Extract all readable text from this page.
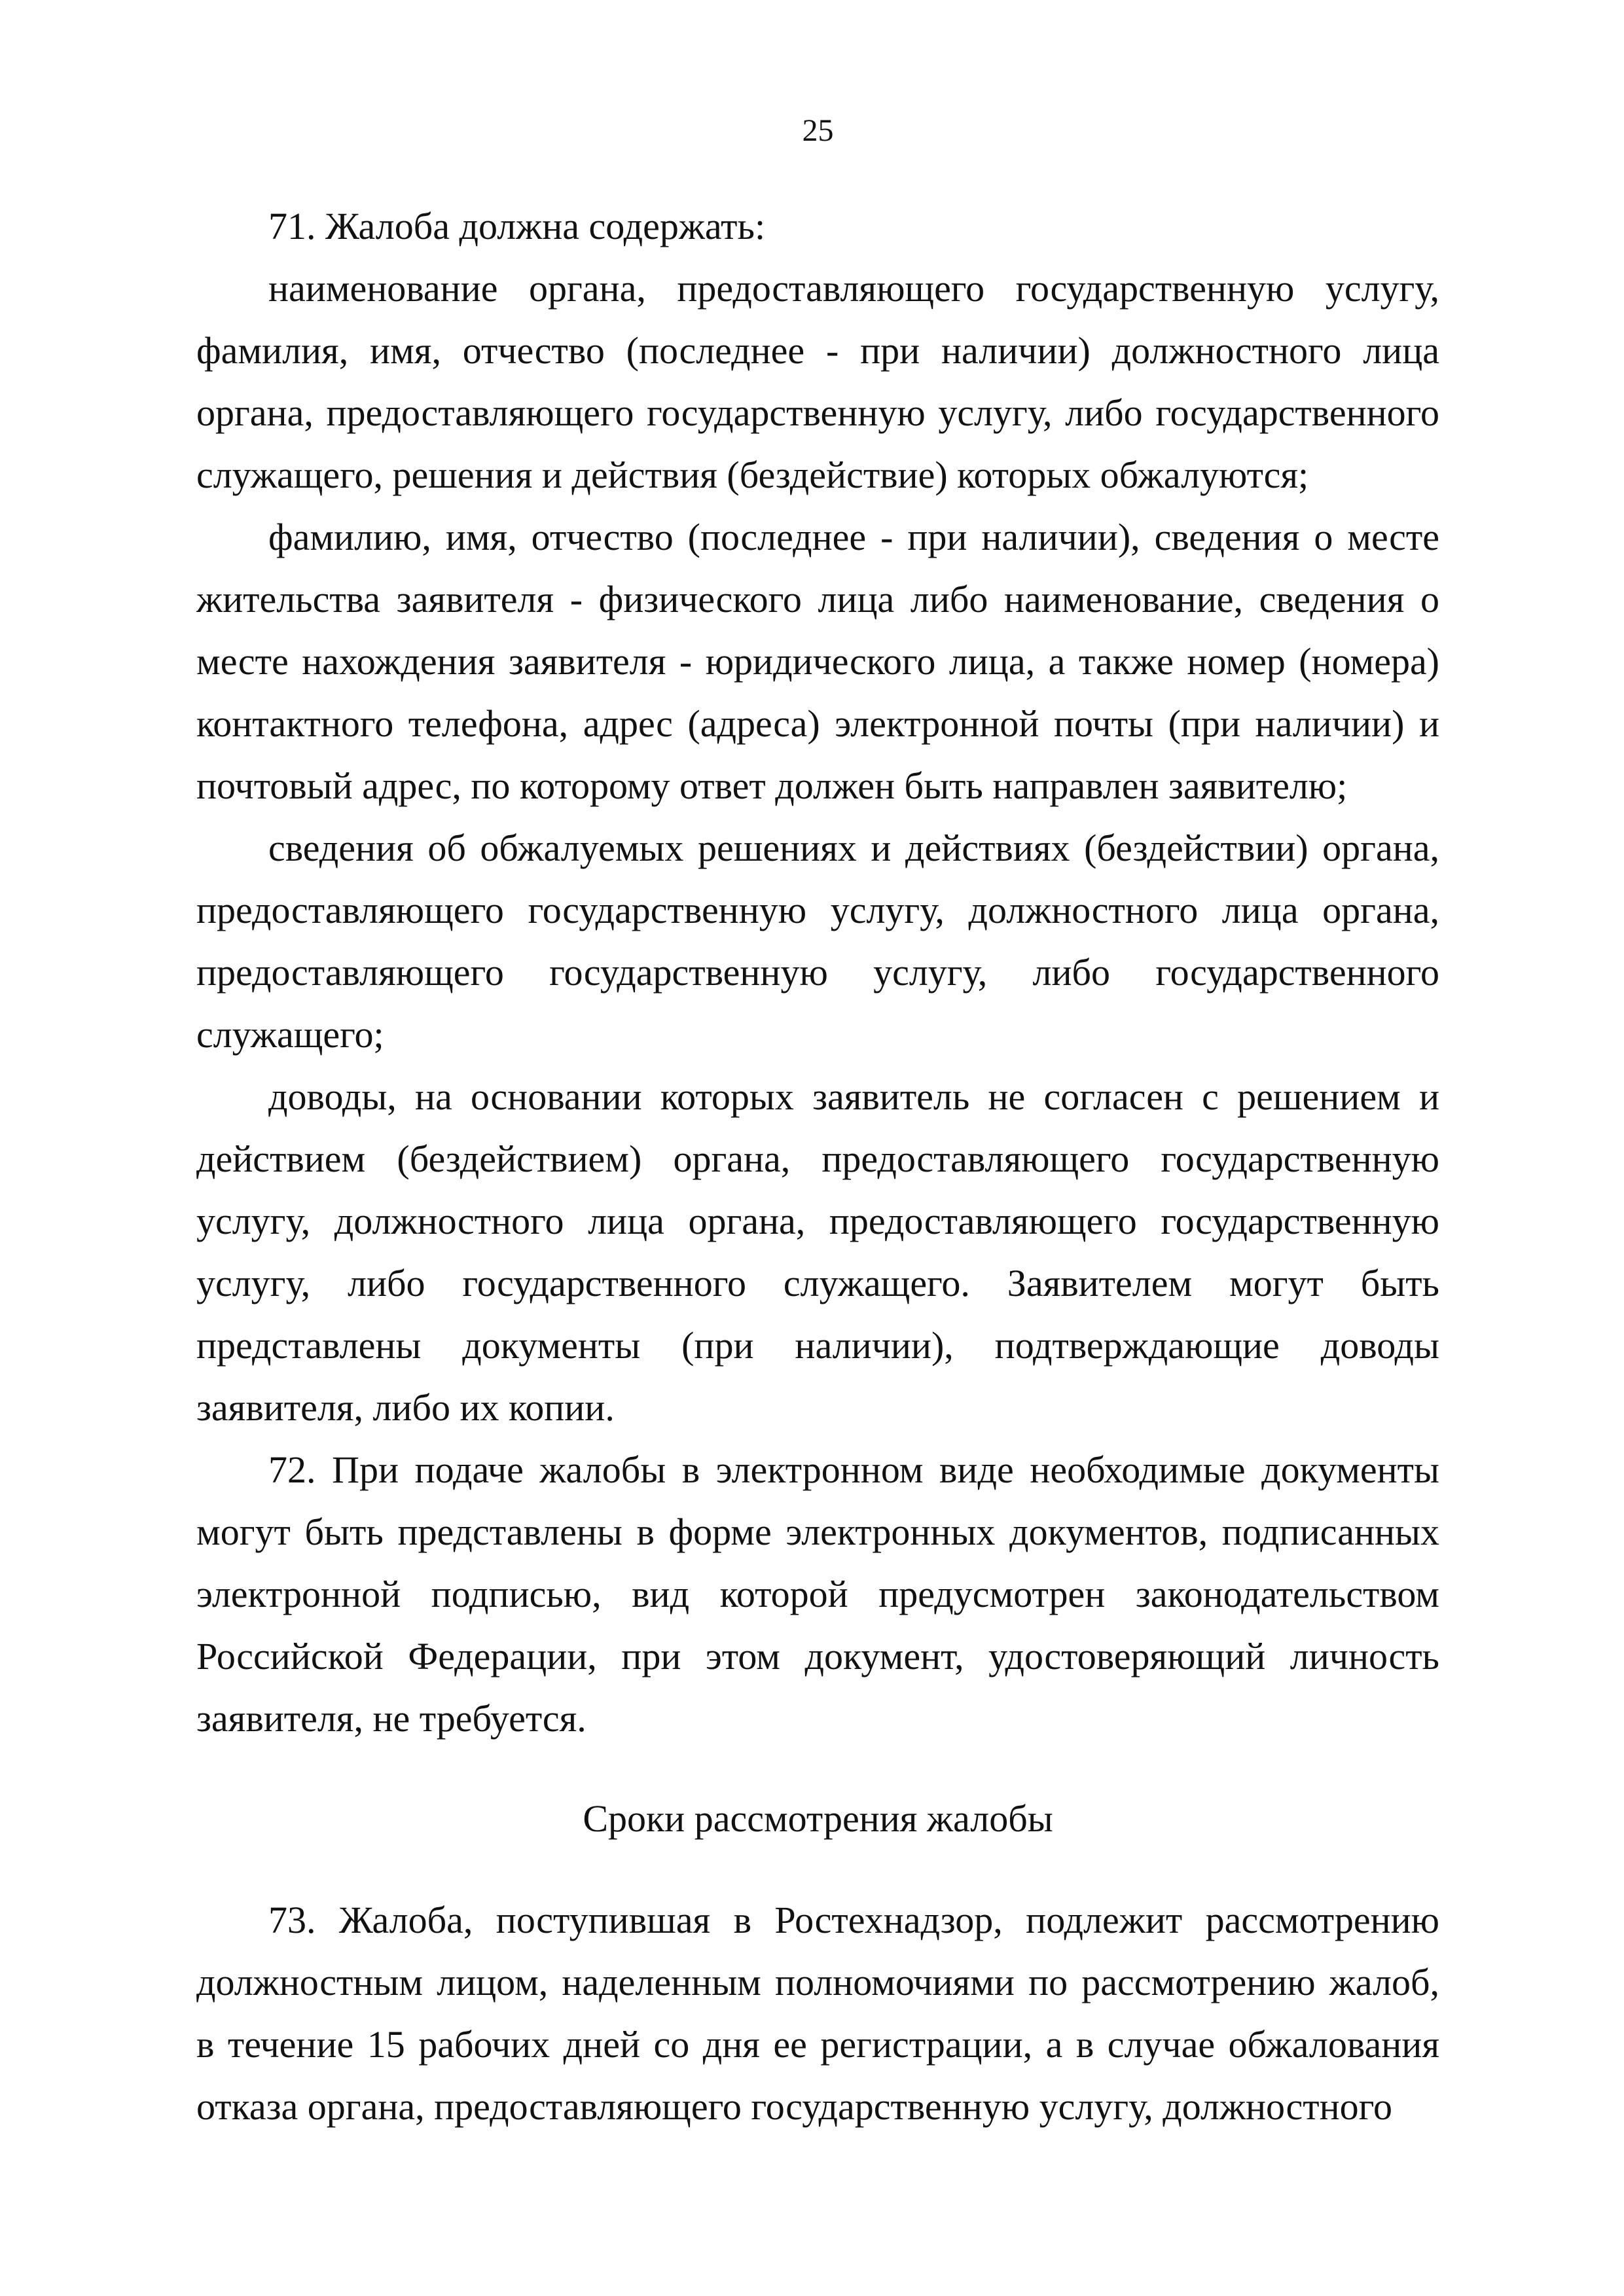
25

71. Жалоба должна содержать:

наименование органа, предоставляющего государственную услугу, фамилия, имя, отчество (последнее - при наличии) должностного лица органа, предоставляющего государственную услугу, либо государственного служащего, решения и действия (бездействие) которых обжалуются;

фамилию, имя, отчество (последнее - при наличии), сведения о месте жительства заявителя - физического лица либо наименование, сведения о месте нахождения заявителя - юридического лица, а также номер (номера) контактного телефона, адрес (адреса) электронной почты (при наличии) и почтовый адрес, по которому ответ должен быть направлен заявителю;

сведения об обжалуемых решениях и действиях (бездействии) органа, предоставляющего государственную услугу, должностного лица органа, предоставляющего государственную услугу, либо государственного служащего;

доводы, на основании которых заявитель не согласен с решением и действием (бездействием) органа, предоставляющего государственную услугу, должностного лица органа, предоставляющего государственную услугу, либо государственного служащего. Заявителем могут быть представлены документы (при наличии), подтверждающие доводы заявителя, либо их копии.

72. При подаче жалобы в электронном виде необходимые документы могут быть представлены в форме электронных документов, подписанных электронной подписью, вид которой предусмотрен законодательством Российской Федерации, при этом документ, удостоверяющий личность заявителя, не требуется.

Сроки рассмотрения жалобы

73. Жалоба, поступившая в Ростехнадзор, подлежит рассмотрению должностным лицом, наделенным полномочиями по рассмотрению жалоб, в течение 15 рабочих дней со дня ее регистрации, а в случае обжалования отказа органа, предоставляющего государственную услугу, должностного
